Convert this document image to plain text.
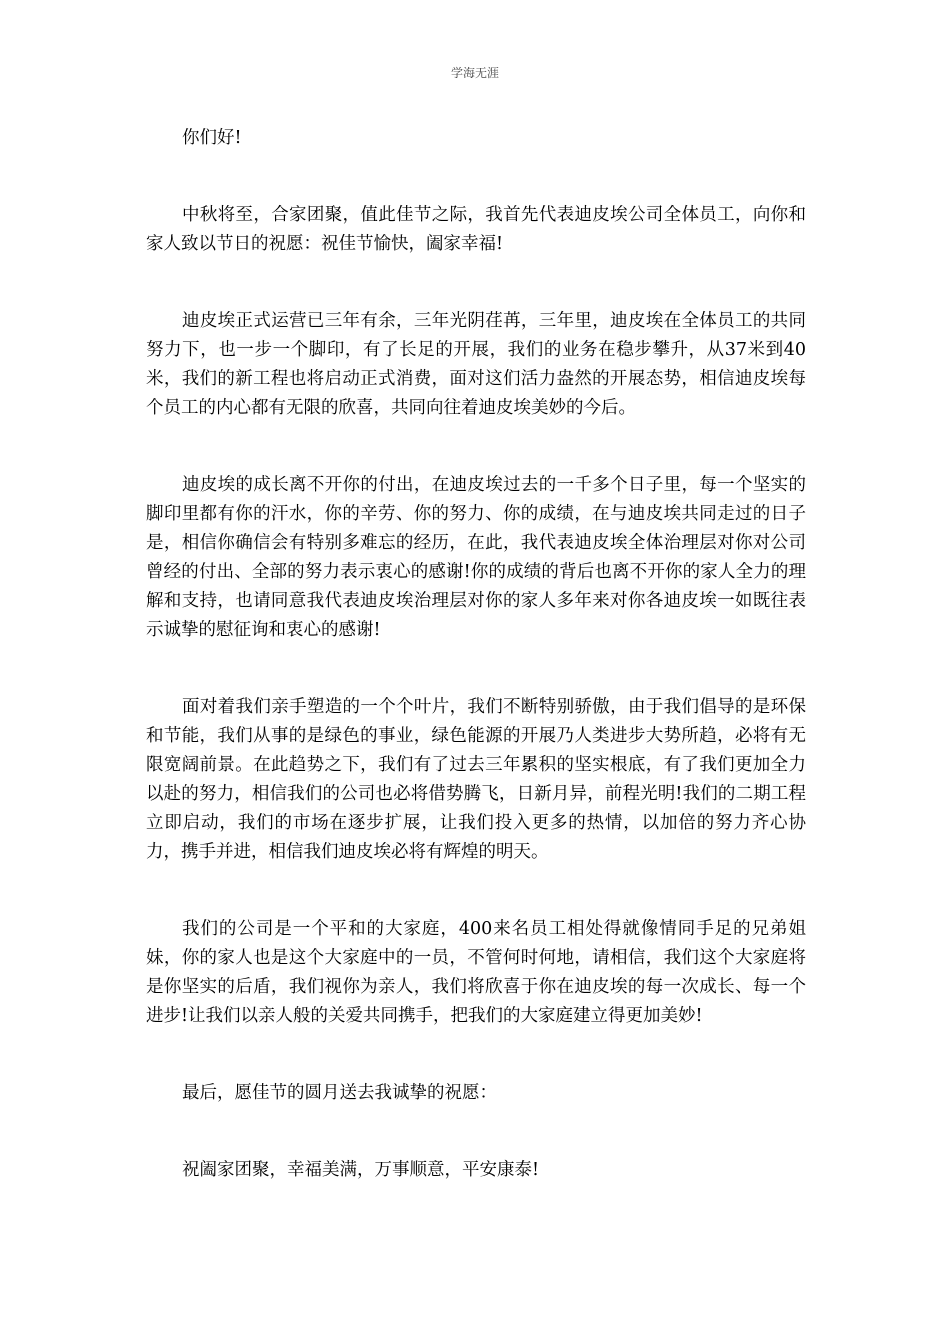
学海无涯

你们好!

中秋将至，合家团聚，值此佳节之际，我首先代表迪皮埃公司全体员工，向你和家人致以节日的祝愿：祝佳节愉快，阖家幸福!

迪皮埃正式运营已三年有余，三年光阴荏苒，三年里，迪皮埃在全体员工的共同努力下，也一步一个脚印，有了长足的开展，我们的业务在稳步攀升，从37米到40米，我们的新工程也将启动正式消费，面对这们活力盎然的开展态势，相信迪皮埃每个员工的内心都有无限的欣喜，共同向往着迪皮埃美妙的今后。

迪皮埃的成长离不开你的付出，在迪皮埃过去的一千多个日子里，每一个坚实的脚印里都有你的汗水，你的辛劳、你的努力、你的成绩，在与迪皮埃共同走过的日子是，相信你确信会有特别多难忘的经历，在此，我代表迪皮埃全体治理层对你对公司曾经的付出、全部的努力表示衷心的感谢!你的成绩的背后也离不开你的家人全力的理解和支持，也请同意我代表迪皮埃治理层对你的家人多年来对你各迪皮埃一如既往表示诚挚的慰征询和衷心的感谢!

面对着我们亲手塑造的一个个叶片，我们不断特别骄傲，由于我们倡导的是环保和节能，我们从事的是绿色的事业，绿色能源的开展乃人类进步大势所趋，必将有无限宽阔前景。在此趋势之下，我们有了过去三年累积的坚实根底，有了我们更加全力以赴的努力，相信我们的公司也必将借势腾飞，日新月异，前程光明!我们的二期工程立即启动，我们的市场在逐步扩展，让我们投入更多的热情，以加倍的努力齐心协力，携手并进，相信我们迪皮埃必将有辉煌的明天。

我们的公司是一个平和的大家庭，400来名员工相处得就像情同手足的兄弟姐妹，你的家人也是这个大家庭中的一员，不管何时何地，请相信，我们这个大家庭将是你坚实的后盾，我们视你为亲人，我们将欣喜于你在迪皮埃的每一次成长、每一个进步!让我们以亲人般的关爱共同携手，把我们的大家庭建立得更加美妙!

最后，愿佳节的圆月送去我诚挚的祝愿：

祝阖家团聚，幸福美满，万事顺意，平安康泰!
